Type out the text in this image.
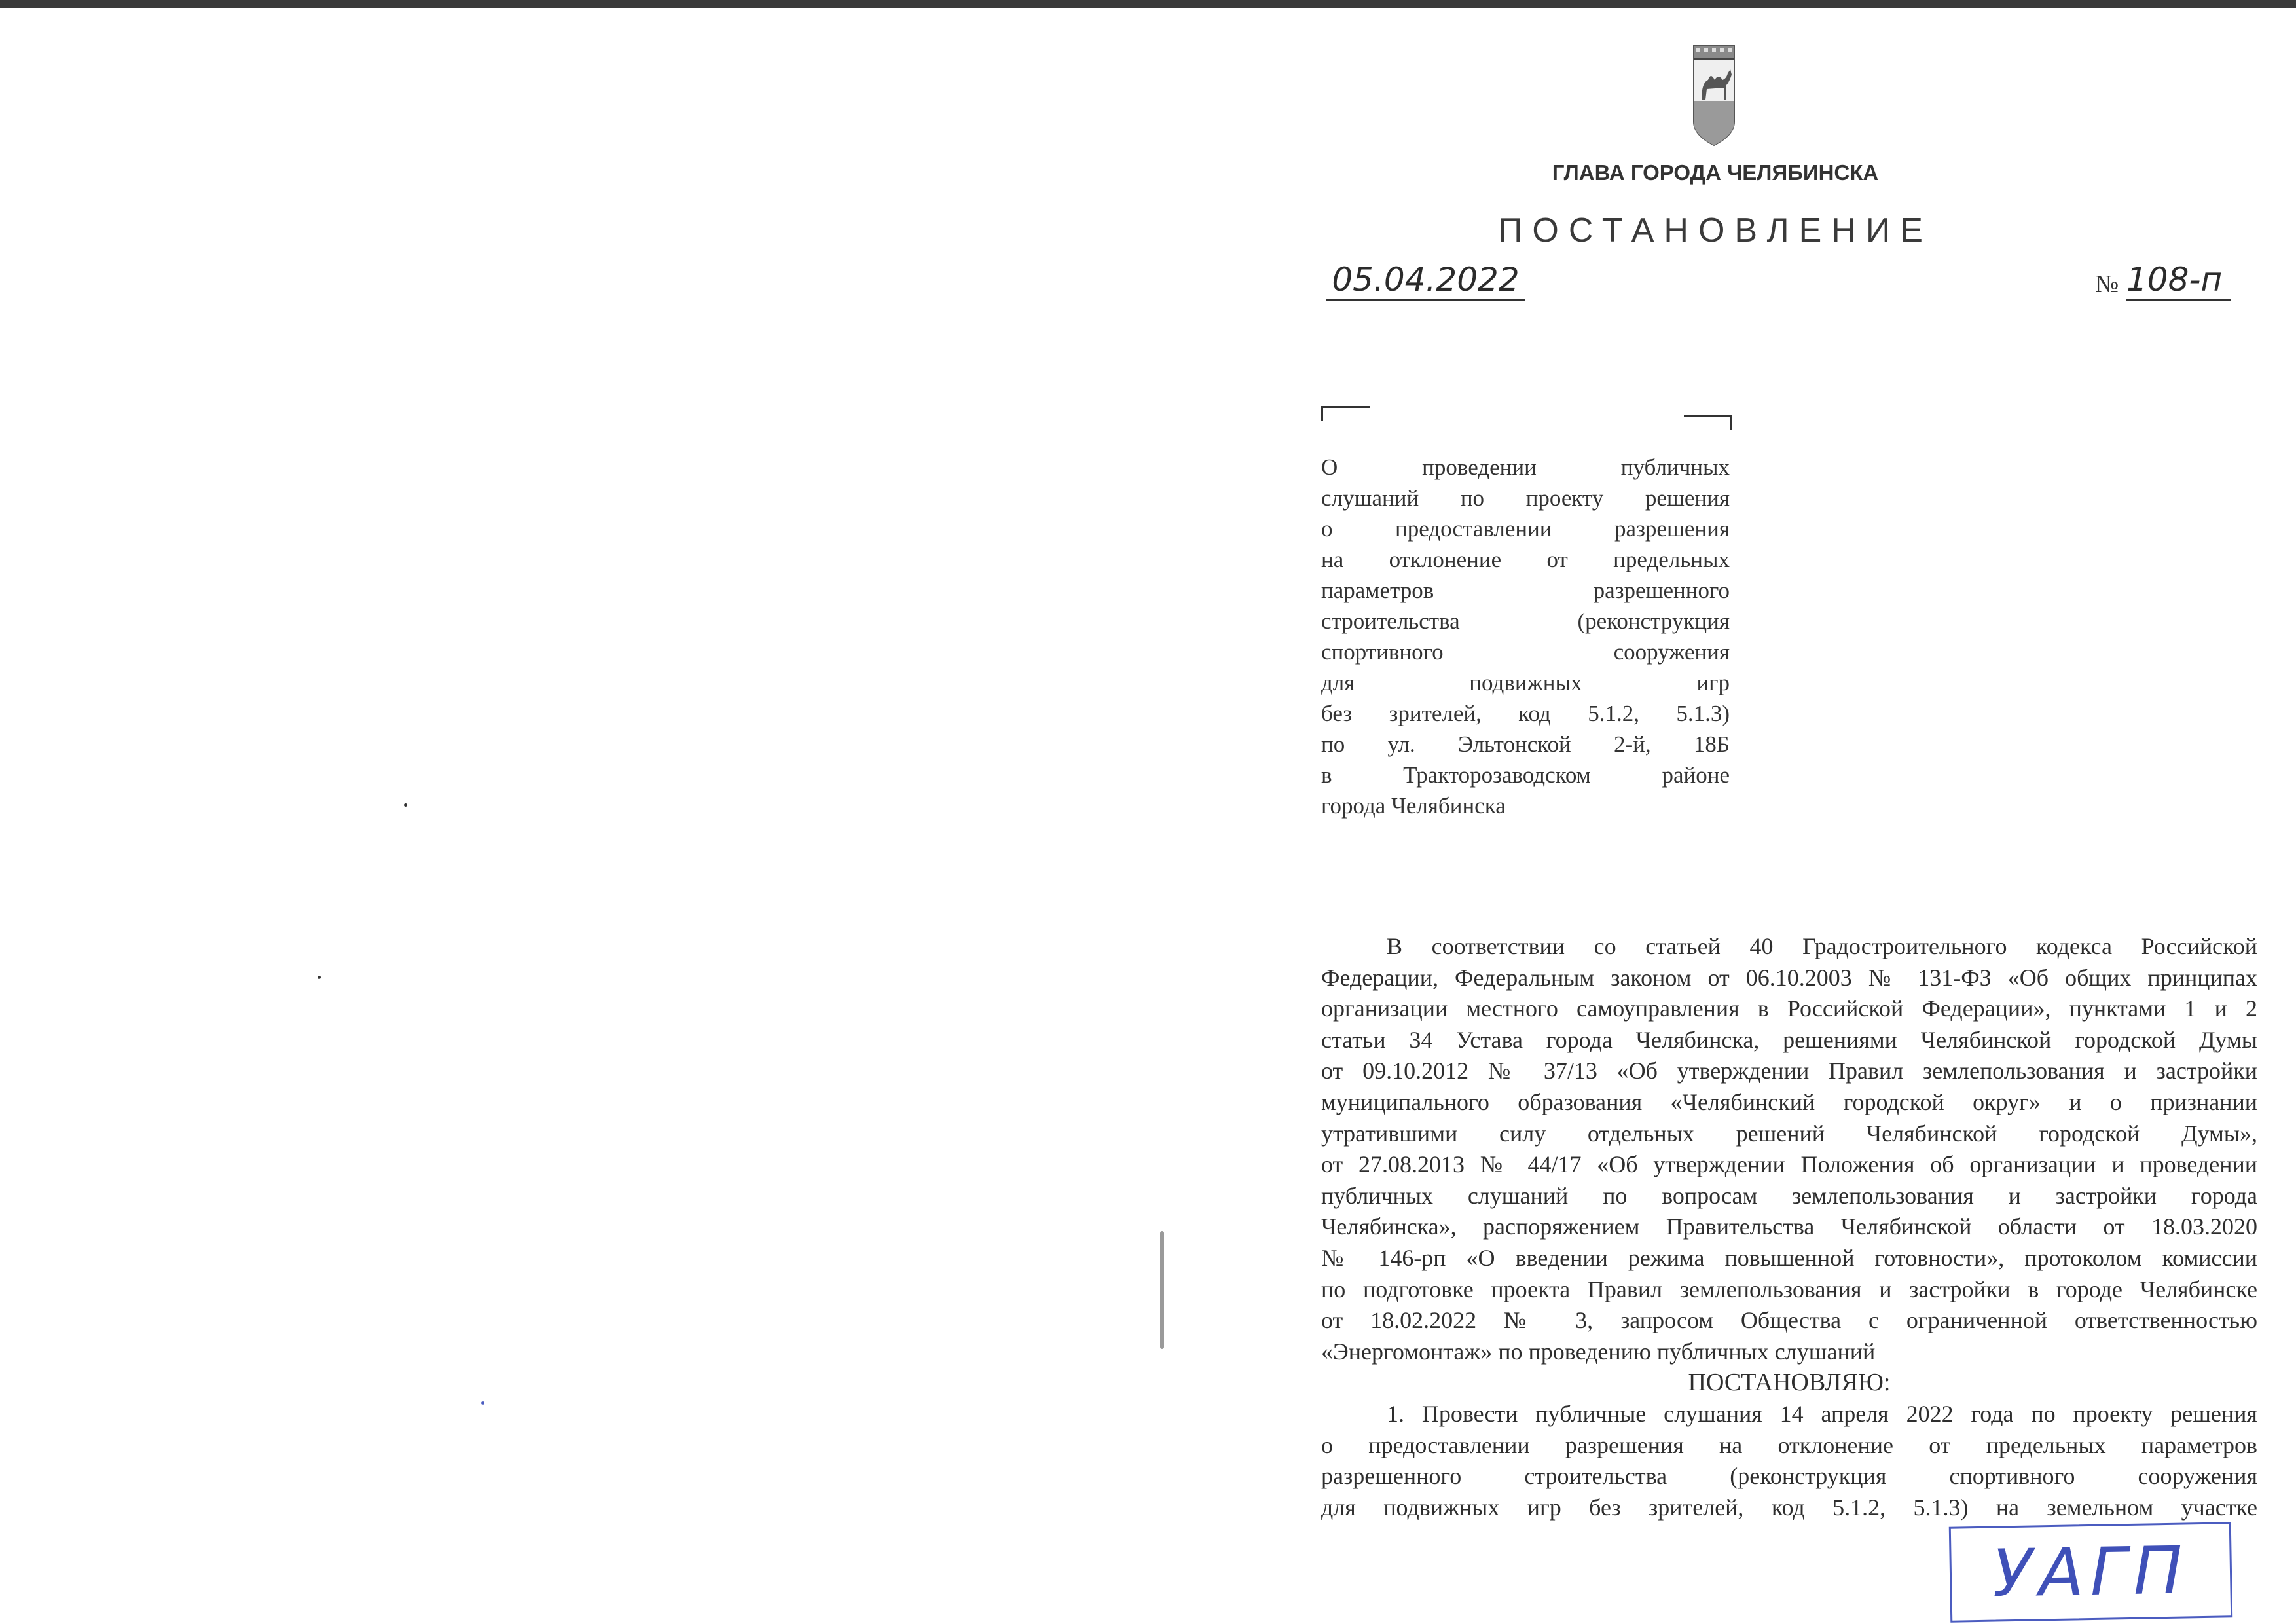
ГЛАВА ГОРОДА ЧЕЛЯБИНСКА
ПОСТАНОВЛЕНИЕ
05.04.2022	№ 108-п
О проведении публичных
слушаний по проекту решения
о предоставлении разрешения
на отклонение от предельных
параметров разрешенного
строительства (реконструкция
спортивного сооружения
для подвижных игр
без зрителей, код 5.1.2, 5.1.3)
по ул. Эльтонской 2-й, 18Б
в Тракторозаводском районе
города Челябинска
В соответствии со статьей 40 Градостроительного кодекса Российской
Федерации, Федеральным законом от 06.10.2003 № 131-ФЗ «Об общих принципах
организации местного самоуправления в Российской Федерации», пунктами 1 и 2
статьи 34 Устава города Челябинска, решениями Челябинской городской Думы
от 09.10.2012 № 37/13 «Об утверждении Правил землепользования и застройки
муниципального образования «Челябинский городской округ» и о признании
утратившими силу отдельных решений Челябинской городской Думы»,
от 27.08.2013 № 44/17 «Об утверждении Положения об организации и проведении
публичных слушаний по вопросам землепользования и застройки города
Челябинска», распоряжением Правительства Челябинской области от 18.03.2020
№ 146-рп «О введении режима повышенной готовности», протоколом комиссии
по подготовке проекта Правил землепользования и застройки в городе Челябинске
от 18.02.2022 № 3, запросом Общества с ограниченной ответственностью
«Энергомонтаж» по проведению публичных слушаний
ПОСТАНОВЛЯЮ:
1. Провести публичные слушания 14 апреля 2022 года по проекту решения
о предоставлении разрешения на отклонение от предельных параметров
разрешенного строительства (реконструкция спортивного сооружения
для подвижных игр без зрителей, код 5.1.2, 5.1.3) на земельном участке
УАГП
